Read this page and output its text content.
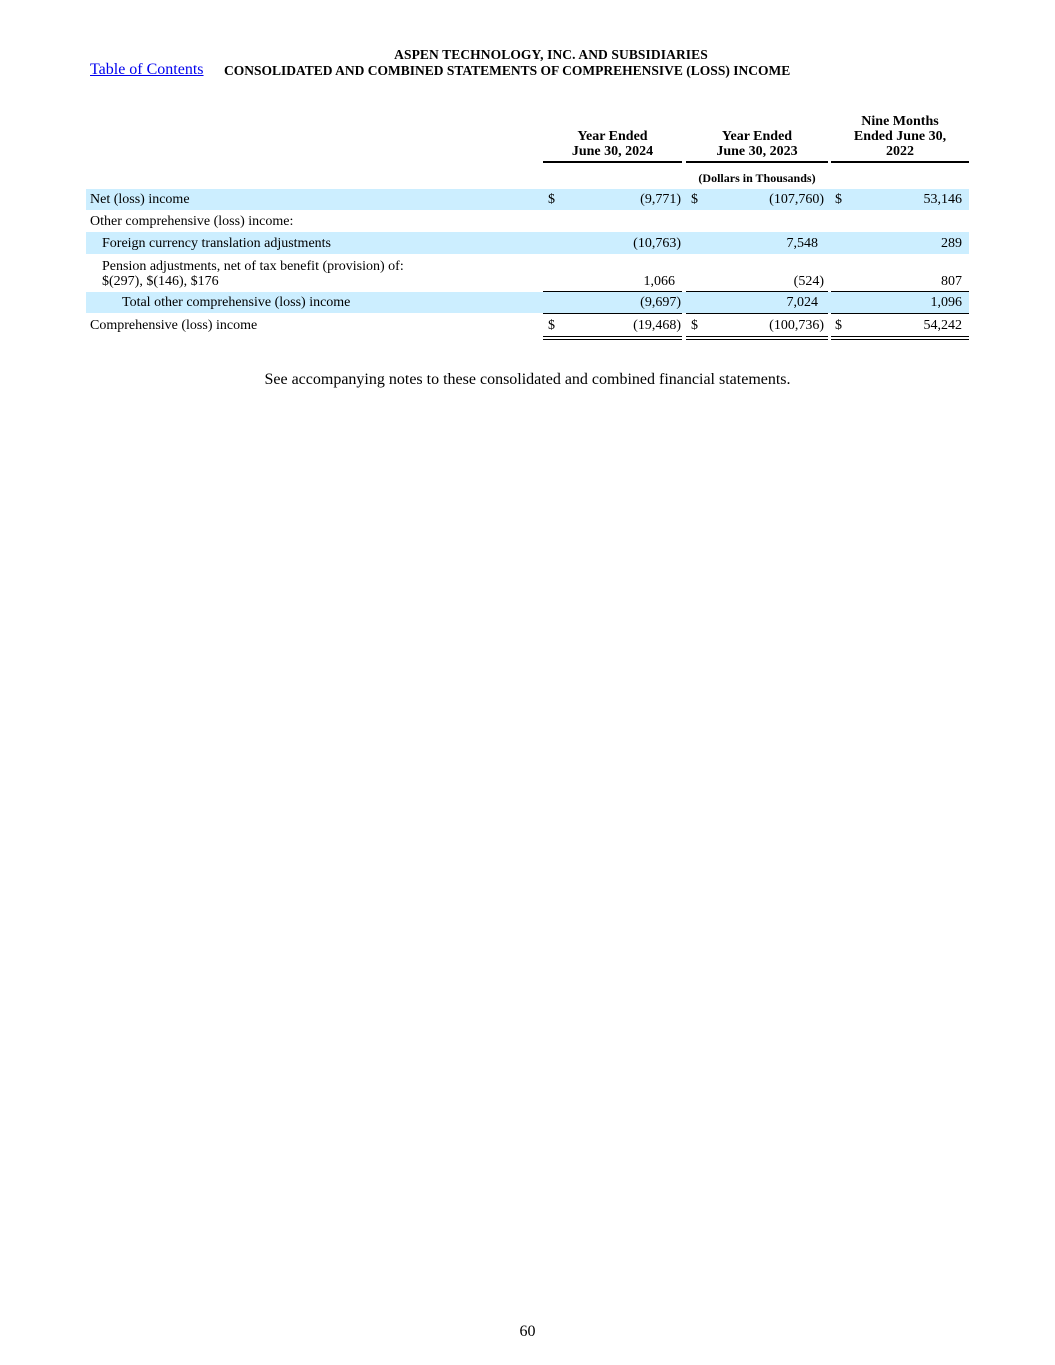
ASPEN TECHNOLOGY, INC. AND SUBSIDIARIES
Table of Contents CONSOLIDATED AND COMBINED STATEMENTS OF COMPREHENSIVE (LOSS) INCOME
Year Ended
June 30, 2024
Year Ended
June 30, 2023
Nine Months
Ended June 30,
2022
(Dollars in Thousands)
Net (loss) income	$	(9,771) $	(107,760) $	53,146
Other comprehensive (loss) income:
Foreign currency translation adjustments	(10,763)	7,548	289
Pension adjustments, net of tax benefit (provision) of:
$(297), $(146), $176	1,066	(524)	807
Total other comprehensive (loss) income	(9,697)	7,024	1,096
Comprehensive (loss) income	$	(19,468) $	(100,736) $	54,242
See accompanying notes to these consolidated and combined financial statements.
60
